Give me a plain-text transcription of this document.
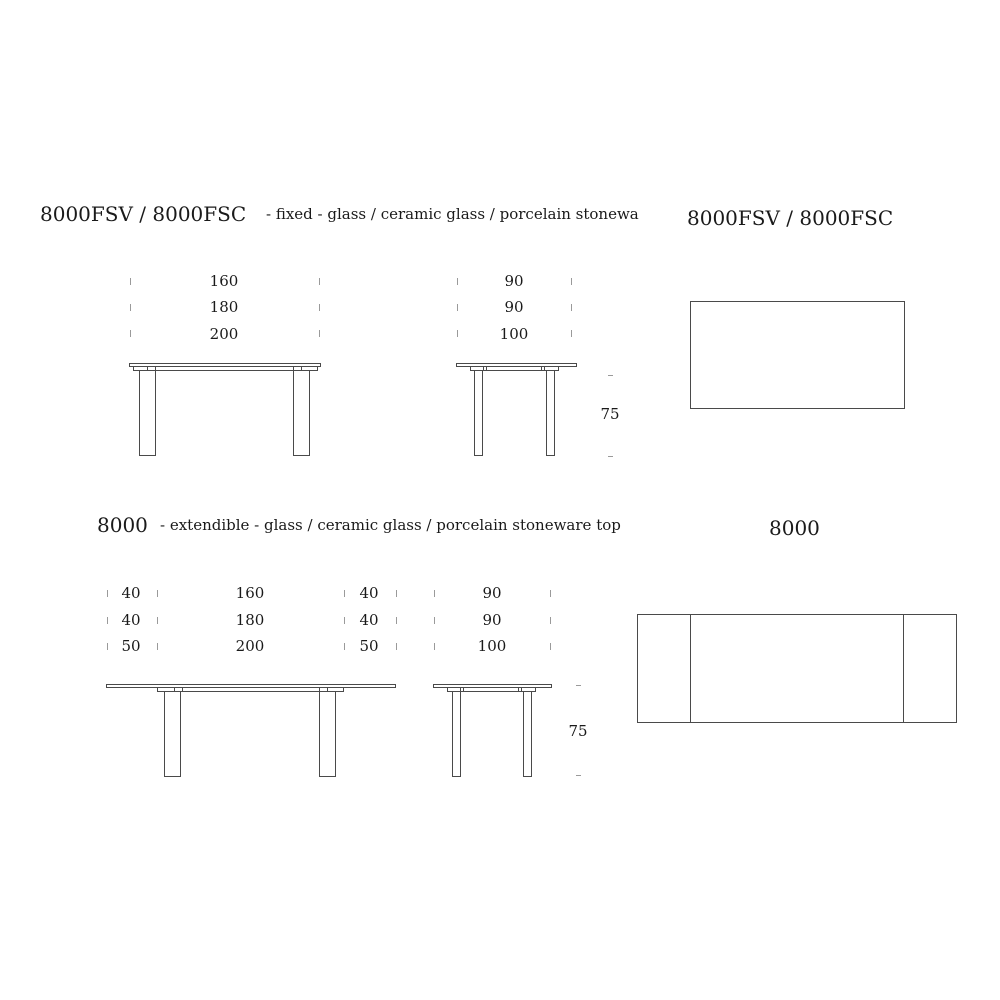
8000FSV / 8000FSC - fixed - glass / ceramic glass / porcelain stonewa 8000FSV / 8000FSC
160
180
200
90
90
100
75
8000 - extendible - glass / ceramic glass / porcelain stoneware top	8000
40
40
50
160
180
200
40
40
50
90
90
100
75
